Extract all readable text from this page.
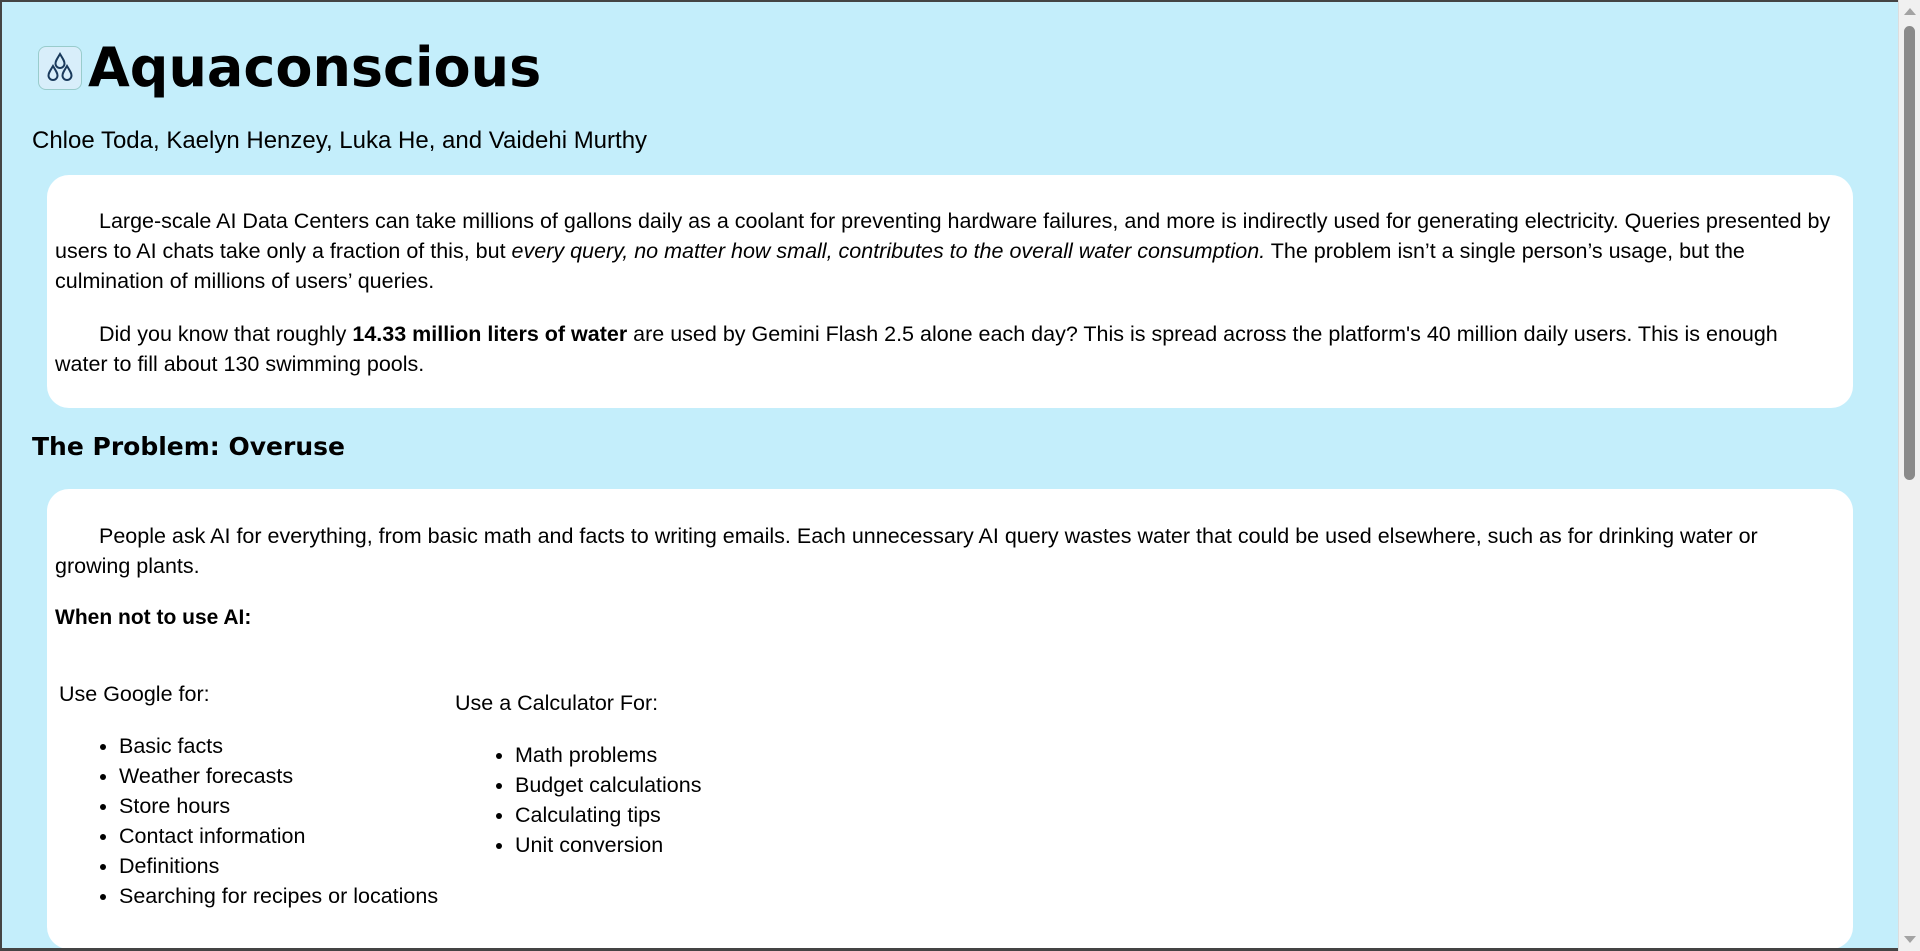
Aquaconscious

Chloe Toda, Kaelyn Henzey, Luka He, and Vaidehi Murthy

Large-scale AI Data Centers can take millions of gallons daily as a coolant for preventing hardware failures, and more is indirectly used for generating electricity. Queries presented by users to AI chats take only a fraction of this, but every query, no matter how small, contributes to the overall water consumption. The problem isn’t a single person’s usage, but the culmination of millions of users’ queries.

Did you know that roughly 14.33 million liters of water are used by Gemini Flash 2.5 alone each day? This is spread across the platform's 40 million daily users. This is enough water to fill about 130 swimming pools.

The Problem: Overuse

People ask AI for everything, from basic math and facts to writing emails. Each unnecessary AI query wastes water that could be used elsewhere, such as for drinking water or growing plants.

When not to use AI:

Use Google for:

• Basic facts
• Weather forecasts
• Store hours
• Contact information
• Definitions
• Searching for recipes or locations

Use a Calculator For:

• Math problems
• Budget calculations
• Calculating tips
• Unit conversion
